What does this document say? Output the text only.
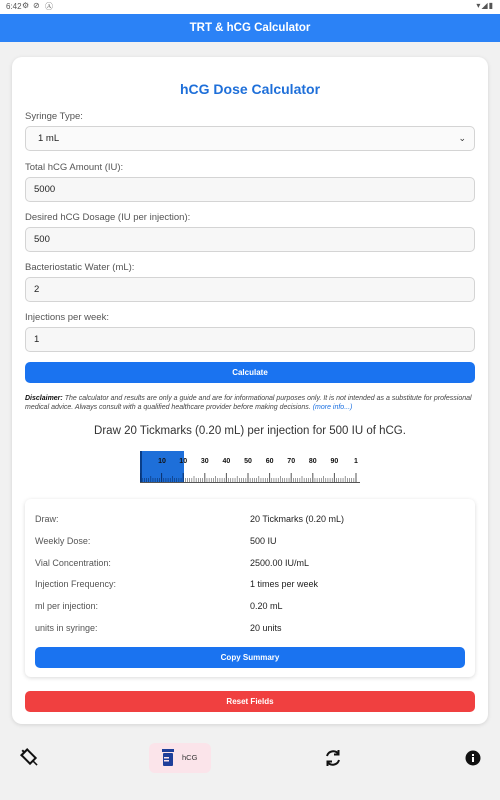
6:42 ⚙ ⊘ Ⓐ	▾◢▮
TRT & hCG Calculator
hCG Dose Calculator
Syringe Type:
1 mL	⌄
Total hCG Amount (IU):
5000
Desired hCG Dosage (IU per injection):
500
Bacteriostatic Water (mL):
2
Injections per week:
1
Calculate
Disclaimer: The calculator and results are only a guide and are for informational purposes only. It is not intended as a substitute for professional medical advice. Always consult with a qualified healthcare provider before making decisions. (more info...)
Draw 20 Tickmarks (0.20 mL) per injection for 500 IU of hCG.
10 10 30 40 50 60 70 80 90 1
Draw:	20 Tickmarks (0.20 mL)
Weekly Dose:	500 IU
Vial Concentration:	2500.00 IU/mL
Injection Frequency:	1 times per week
ml per injection:	0.20 mL
units in syringe:	20 units
Copy Summary
Reset Fields
hCG
